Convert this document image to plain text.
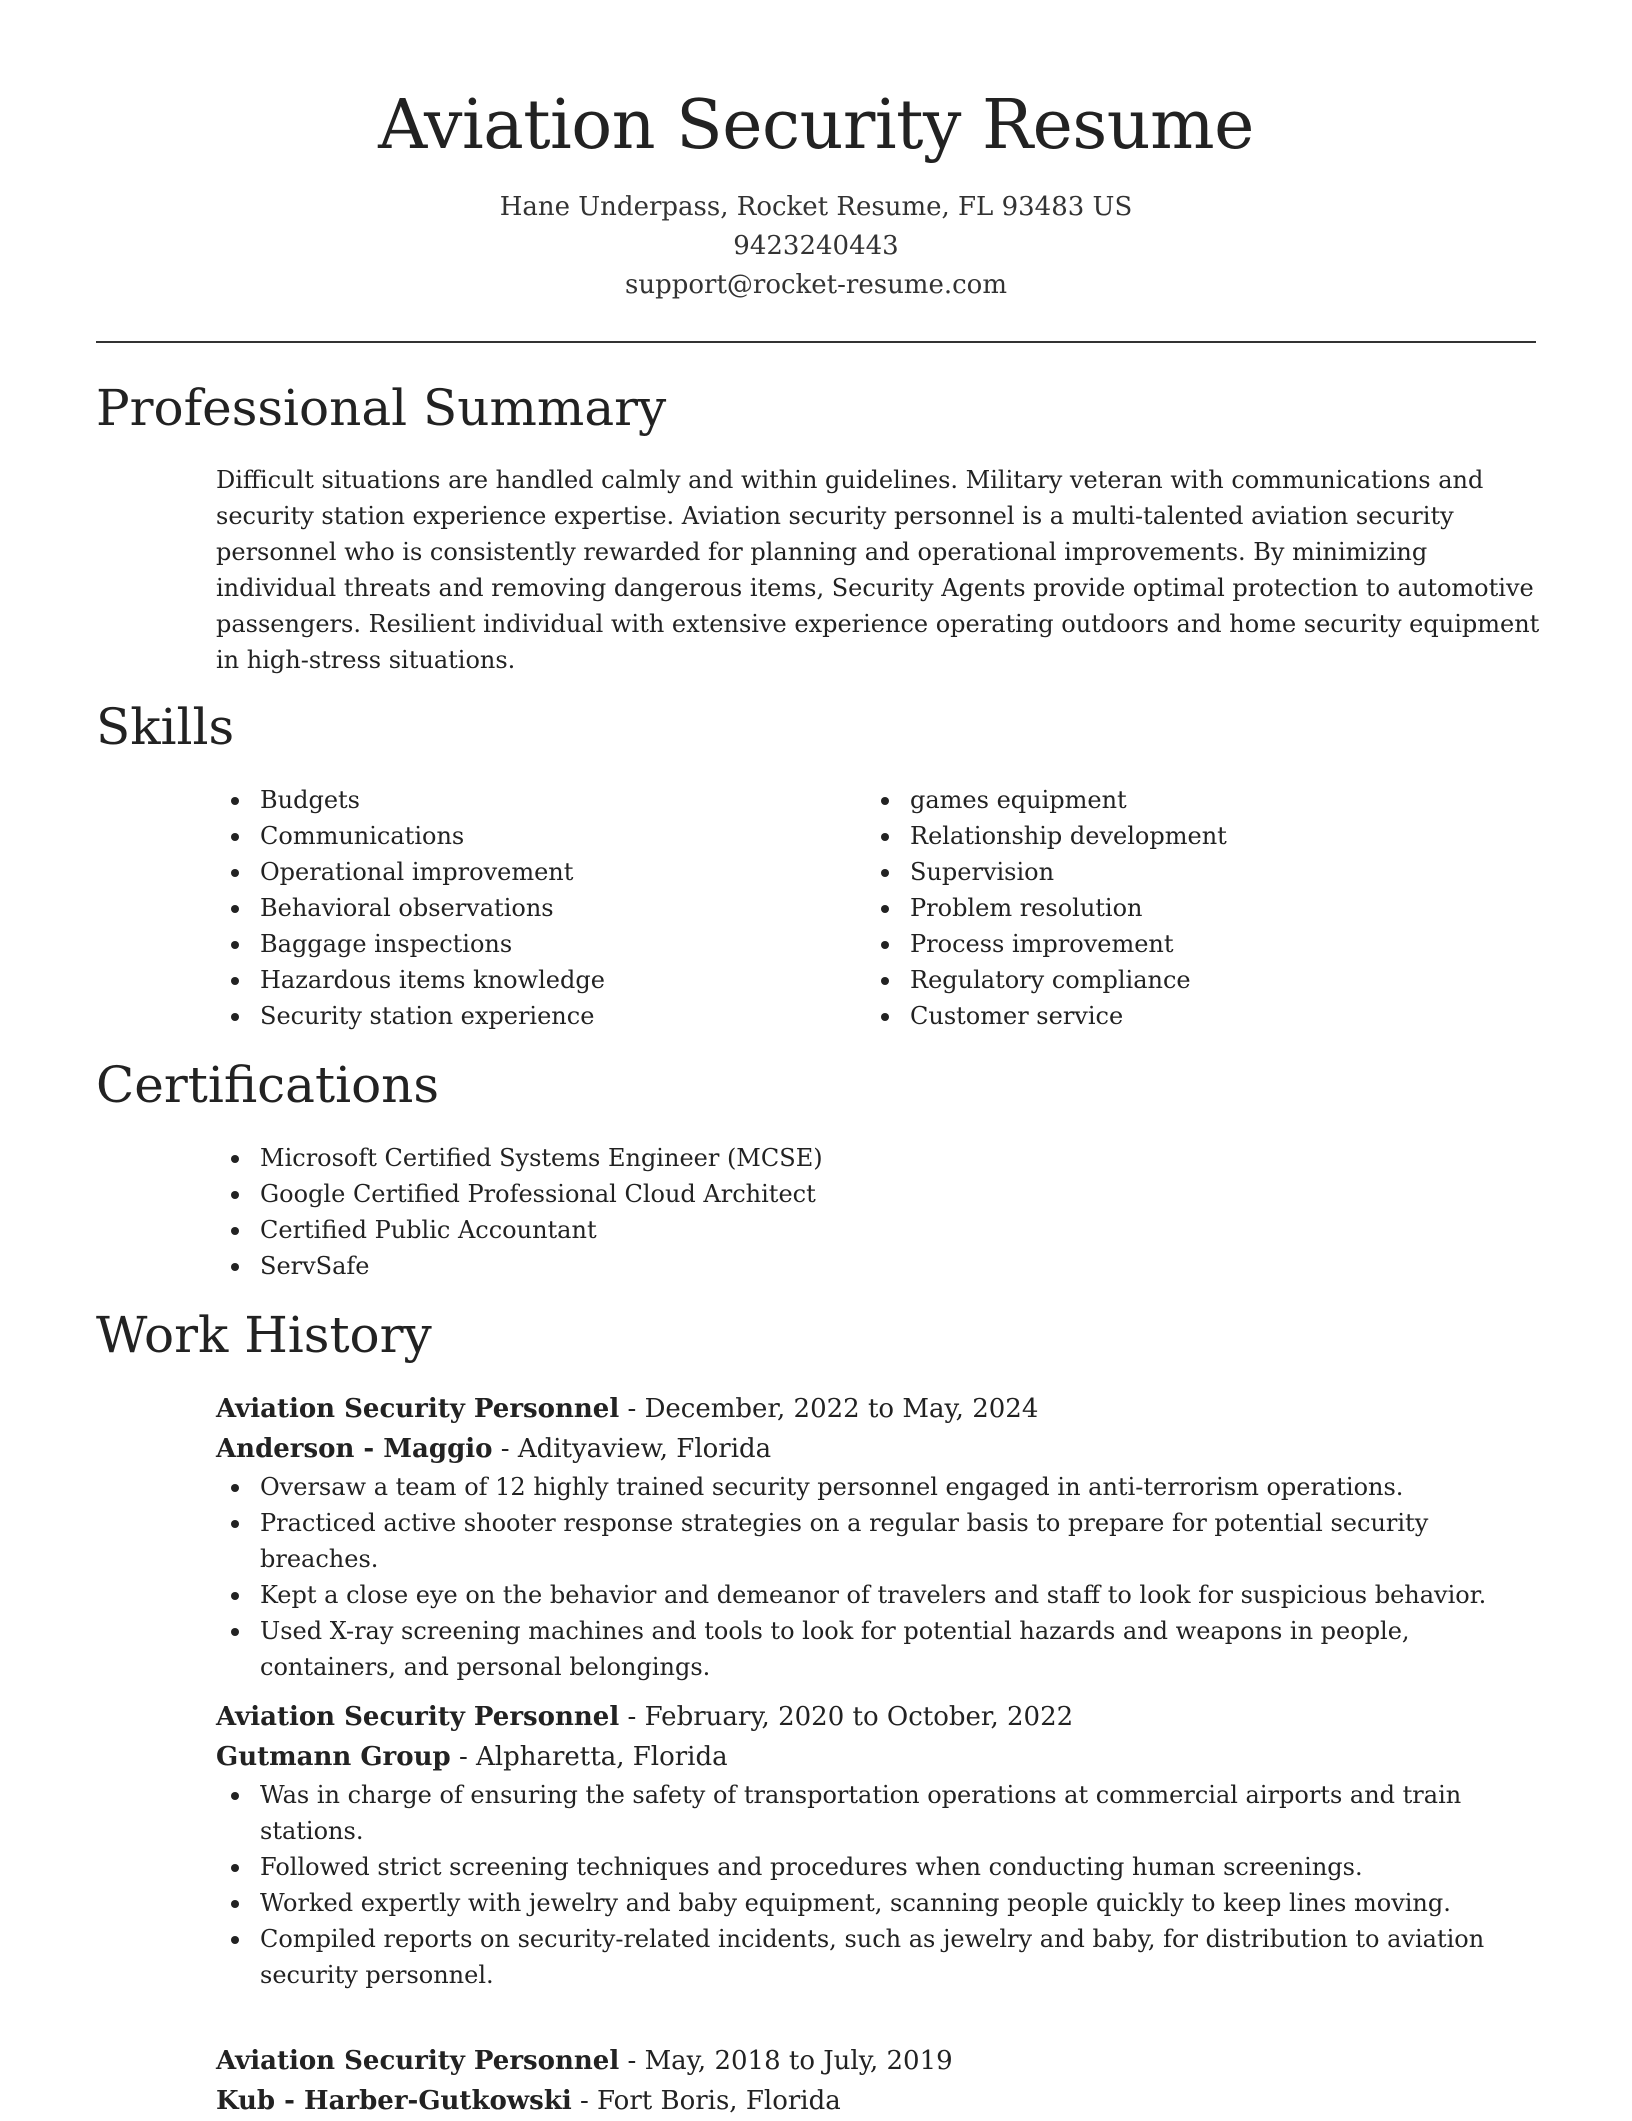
Aviation Security Resume
Hane Underpass, Rocket Resume, FL 93483 US
9423240443
support@rocket-resume.com
Professional Summary
Difficult situations are handled calmly and within guidelines. Military veteran with communications and security station experience expertise. Aviation security personnel is a multi-talented aviation security personnel who is consistently rewarded for planning and operational improvements. By minimizing individual threats and removing dangerous items, Security Agents provide optimal protection to automotive passengers. Resilient individual with extensive experience operating outdoors and home security equipment in high-stress situations.
Skills
Budgets
Communications
Operational improvement
Behavioral observations
Baggage inspections
Hazardous items knowledge
Security station experience
games equipment
Relationship development
Supervision
Problem resolution
Process improvement
Regulatory compliance
Customer service
Certifications
Microsoft Certified Systems Engineer (MCSE)
Google Certified Professional Cloud Architect
Certified Public Accountant
ServSafe
Work History
Aviation Security Personnel - December, 2022 to May, 2024
Anderson - Maggio - Adityaview, Florida
Oversaw a team of 12 highly trained security personnel engaged in anti-terrorism operations.
Practiced active shooter response strategies on a regular basis to prepare for potential security breaches.
Kept a close eye on the behavior and demeanor of travelers and staff to look for suspicious behavior.
Used X-ray screening machines and tools to look for potential hazards and weapons in people, containers, and personal belongings.
Aviation Security Personnel - February, 2020 to October, 2022
Gutmann Group - Alpharetta, Florida
Was in charge of ensuring the safety of transportation operations at commercial airports and train stations.
Followed strict screening techniques and procedures when conducting human screenings.
Worked expertly with jewelry and baby equipment, scanning people quickly to keep lines moving.
Compiled reports on security-related incidents, such as jewelry and baby, for distribution to aviation security personnel.
Aviation Security Personnel - May, 2018 to July, 2019
Kub - Harber-Gutkowski - Fort Boris, Florida
